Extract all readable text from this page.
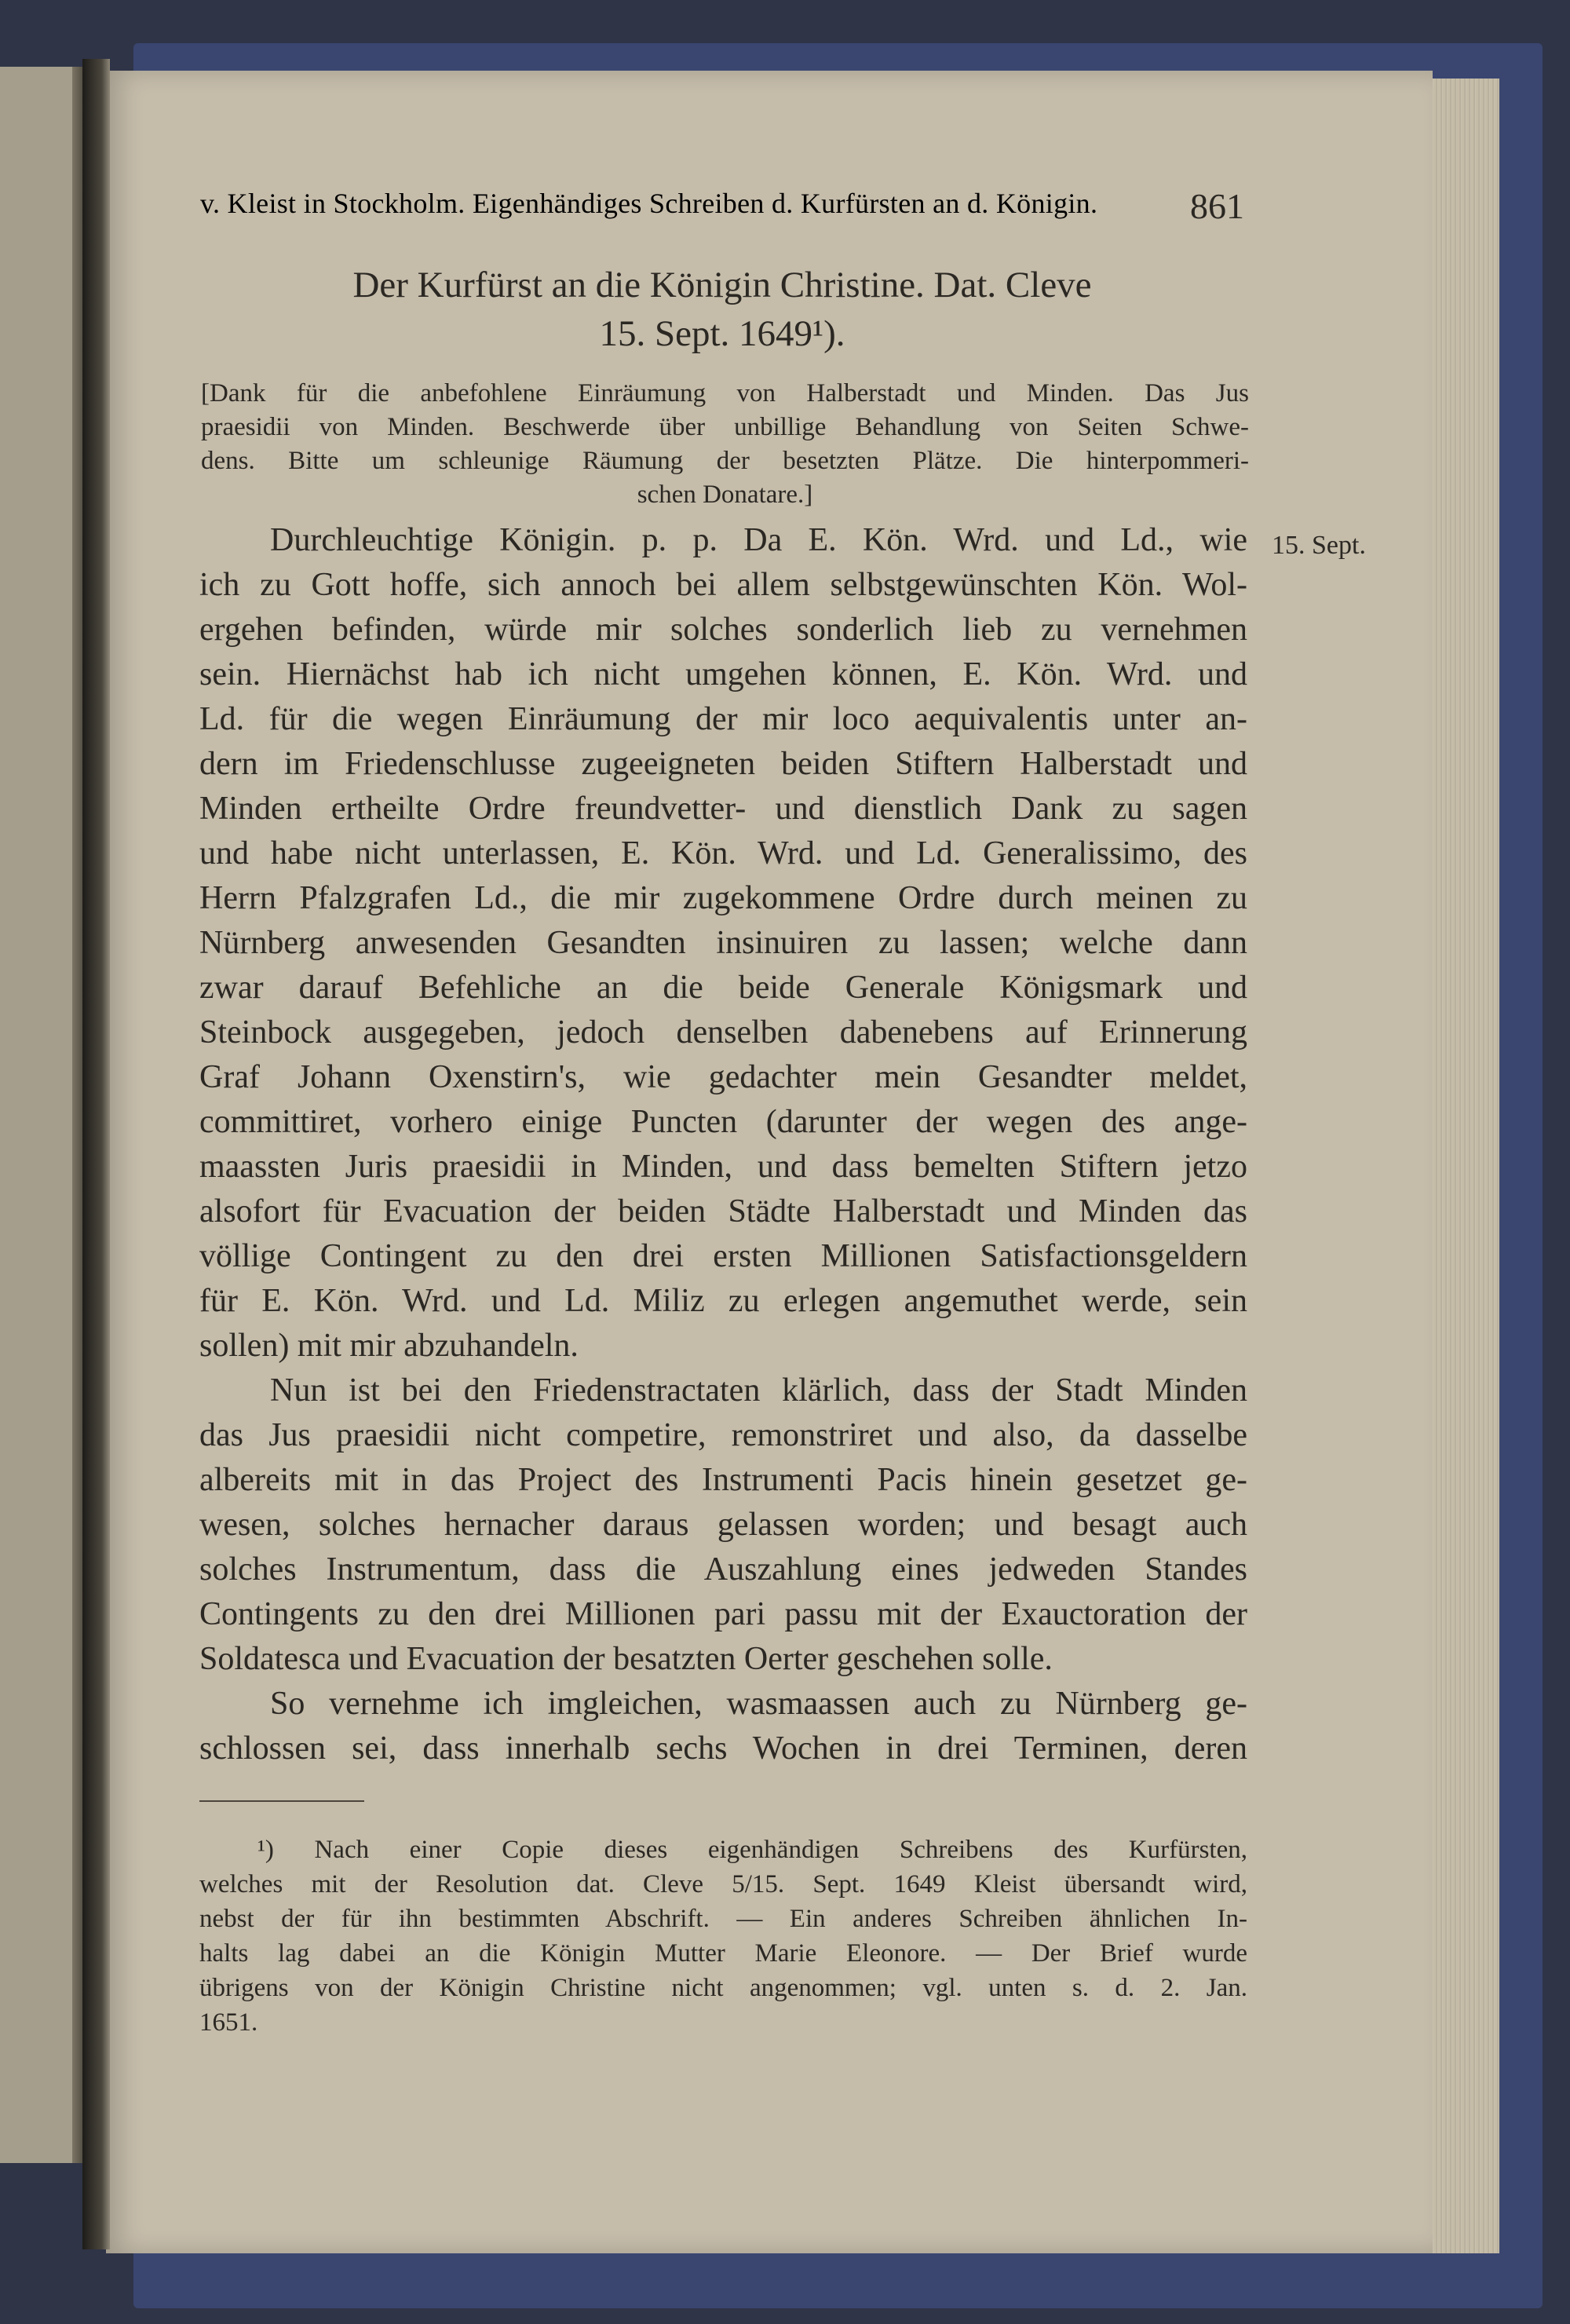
v. Kleist in Stockholm. Eigenhändiges Schreiben d. Kurfürsten an d. Königin.	861
Der Kurfürst an die Königin Christine. Dat. Cleve
15. Sept. 1649¹).
[Dank für die anbefohlene Einräumung von Halberstadt und Minden. Das Jus
praesidii von Minden. Beschwerde über unbillige Behandlung von Seiten Schwe-
dens. Bitte um schleunige Räumung der besetzten Plätze. Die hinterpommeri-
schen Donatare.]
15. Sept.
Durchleuchtige Königin. p. p. Da E. Kön. Wrd. und Ld., wie
ich zu Gott hoffe, sich annoch bei allem selbstgewünschten Kön. Wol-
ergehen befinden, würde mir solches sonderlich lieb zu vernehmen
sein. Hiernächst hab ich nicht umgehen können, E. Kön. Wrd. und
Ld. für die wegen Einräumung der mir loco aequivalentis unter an-
dern im Friedenschlusse zugeeigneten beiden Stiftern Halberstadt und
Minden ertheilte Ordre freundvetter- und dienstlich Dank zu sagen
und habe nicht unterlassen, E. Kön. Wrd. und Ld. Generalissimo, des
Herrn Pfalzgrafen Ld., die mir zugekommene Ordre durch meinen zu
Nürnberg anwesenden Gesandten insinuiren zu lassen; welche dann
zwar darauf Befehliche an die beide Generale Königsmark und
Steinbock ausgegeben, jedoch denselben dabenebens auf Erinnerung
Graf Johann Oxenstirn's, wie gedachter mein Gesandter meldet,
committiret, vorhero einige Puncten (darunter der wegen des ange-
maassten Juris praesidii in Minden, und dass bemelten Stiftern jetzo
alsofort für Evacuation der beiden Städte Halberstadt und Minden das
völlige Contingent zu den drei ersten Millionen Satisfactionsgeldern
für E. Kön. Wrd. und Ld. Miliz zu erlegen angemuthet werde, sein
sollen) mit mir abzuhandeln.
Nun ist bei den Friedenstractaten klärlich, dass der Stadt Minden
das Jus praesidii nicht competire, remonstriret und also, da dasselbe
albereits mit in das Project des Instrumenti Pacis hinein gesetzet ge-
wesen, solches hernacher daraus gelassen worden; und besagt auch
solches Instrumentum, dass die Auszahlung eines jedweden Standes
Contingents zu den drei Millionen pari passu mit der Exauctoration der
Soldatesca und Evacuation der besatzten Oerter geschehen solle.
So vernehme ich imgleichen, wasmaassen auch zu Nürnberg ge-
schlossen sei, dass innerhalb sechs Wochen in drei Terminen, deren
¹) Nach einer Copie dieses eigenhändigen Schreibens des Kurfürsten,
welches mit der Resolution dat. Cleve 5/15. Sept. 1649 Kleist übersandt wird,
nebst der für ihn bestimmten Abschrift. — Ein anderes Schreiben ähnlichen In-
halts lag dabei an die Königin Mutter Marie Eleonore. — Der Brief wurde
übrigens von der Königin Christine nicht angenommen; vgl. unten s. d. 2. Jan.
1651.
